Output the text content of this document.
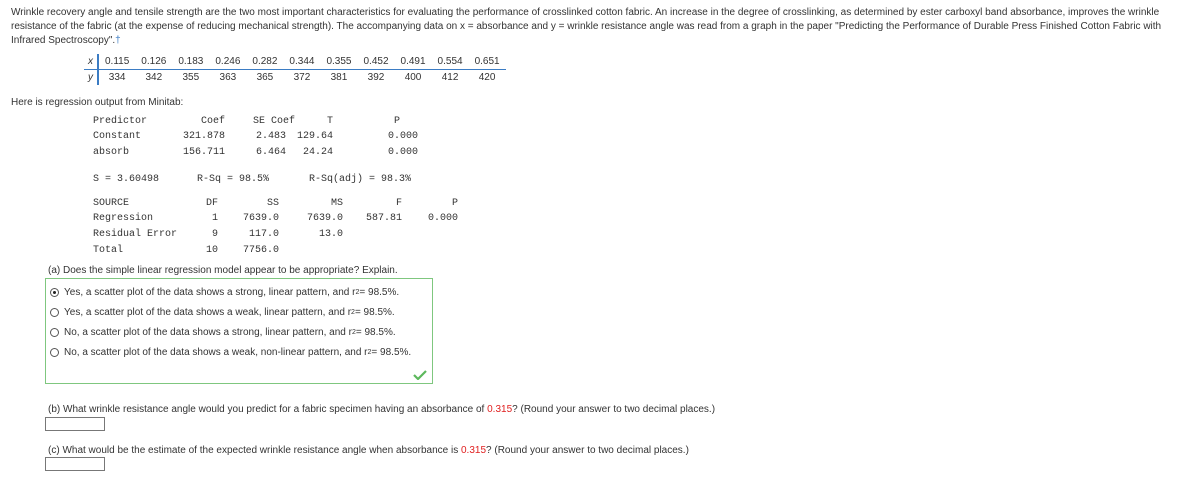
Wrinkle recovery angle and tensile strength are the two most important characteristics for evaluating the performance of crosslinked cotton fabric. An increase in the degree of crosslinking, as determined by ester carboxyl band absorbance, improves the wrinkle resistance of the fabric (at the expense of reducing mechanical strength). The accompanying data on x = absorbance and y = wrinkle resistance angle was read from a graph in the paper "Predicting the Performance of Durable Press Finished Cotton Fabric with Infrared Spectroscopy".†
x	0.115	0.126	0.183	0.246	0.282	0.344	0.355	0.452	0.491	0.554	0.651
y	334	342	355	363	365	372	381	392	400	412	420
Here is regression output from Minitab:
Predictor	Coef	SE Coef	T	P
Constant	321.878	2.483	129.64	0.000
absorb	156.711	6.464	24.24	0.000
S = 3.60498	R-Sq = 98.5%	R-Sq(adj) = 98.3%
SOURCE	DF	SS	MS	F	P
Regression	1	7639.0	7639.0	587.81	0.000
Residual Error	9	117.0	13.0
Total	10	7756.0
(a) Does the simple linear regression model appear to be appropriate? Explain.
Yes, a scatter plot of the data shows a strong, linear pattern, and r 2 = 98.5%.
Yes, a scatter plot of the data shows a weak, linear pattern, and r 2 = 98.5%.
No, a scatter plot of the data shows a strong, linear pattern, and r 2 = 98.5%.
No, a scatter plot of the data shows a weak, non-linear pattern, and r 2 = 98.5%.
(b) What wrinkle resistance angle would you predict for a fabric specimen having an absorbance of 0.315? (Round your answer to two decimal places.)
(c) What would be the estimate of the expected wrinkle resistance angle when absorbance is 0.315? (Round your answer to two decimal places.)
